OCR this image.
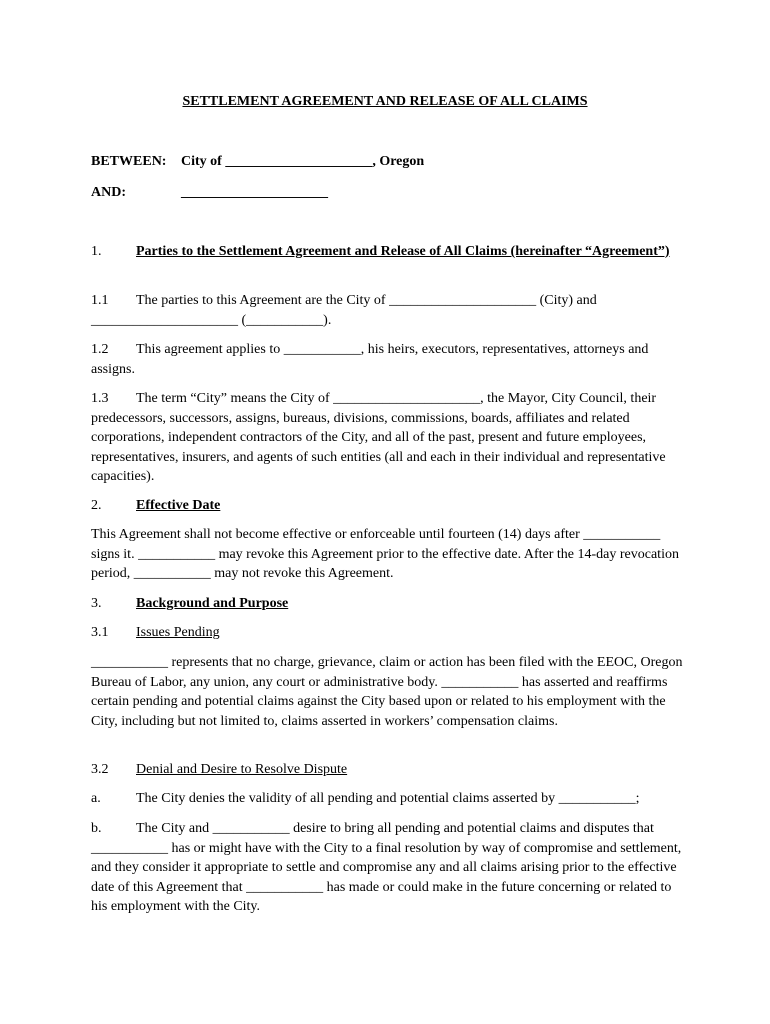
SETTLEMENT AGREEMENT AND RELEASE OF ALL CLAIMS
BETWEEN: City of _____________________, Oregon
AND:	_____________________
1. Parties to the Settlement Agreement and Release of All Claims (hereinafter “Agreement”)

1.1 The parties to this Agreement are the City of _____________________ (City) and _____________________ (___________).

1.2 This agreement applies to ___________, his heirs, executors, representatives, attorneys and assigns.

1.3 The term “City” means the City of _____________________, the Mayor, City Council, their predecessors, successors, assigns, bureaus, divisions, commissions, boards, affiliates and related corporations, independent contractors of the City, and all of the past, present and future employees, representatives, insurers, and agents of such entities (all and each in their individual and representative capacities).

2. Effective Date

This Agreement shall not become effective or enforceable until fourteen (14) days after ___________ signs it. ___________ may revoke this Agreement prior to the effective date. After the 14-day revocation period, ___________ may not revoke this Agreement.

3. Background and Purpose
3.1 Issues Pending

___________ represents that no charge, grievance, claim or action has been filed with the EEOC, Oregon Bureau of Labor, any union, any court or administrative body. ___________ has asserted and reaffirms certain pending and potential claims against the City based upon or related to his employment with the City, including but not limited to, claims asserted in workers’ compensation claims.

3.2 Denial and Desire to Resolve Dispute

a.	The City denies the validity of all pending and potential claims asserted by ___________;

b. The City and ___________ desire to bring all pending and potential claims and disputes that ___________ has or might have with the City to a final resolution by way of compromise and settlement, and they consider it appropriate to settle and compromise any and all claims arising prior to the effective date of this Agreement that ___________ has made or could make in the future concerning or related to his employment with the City.
